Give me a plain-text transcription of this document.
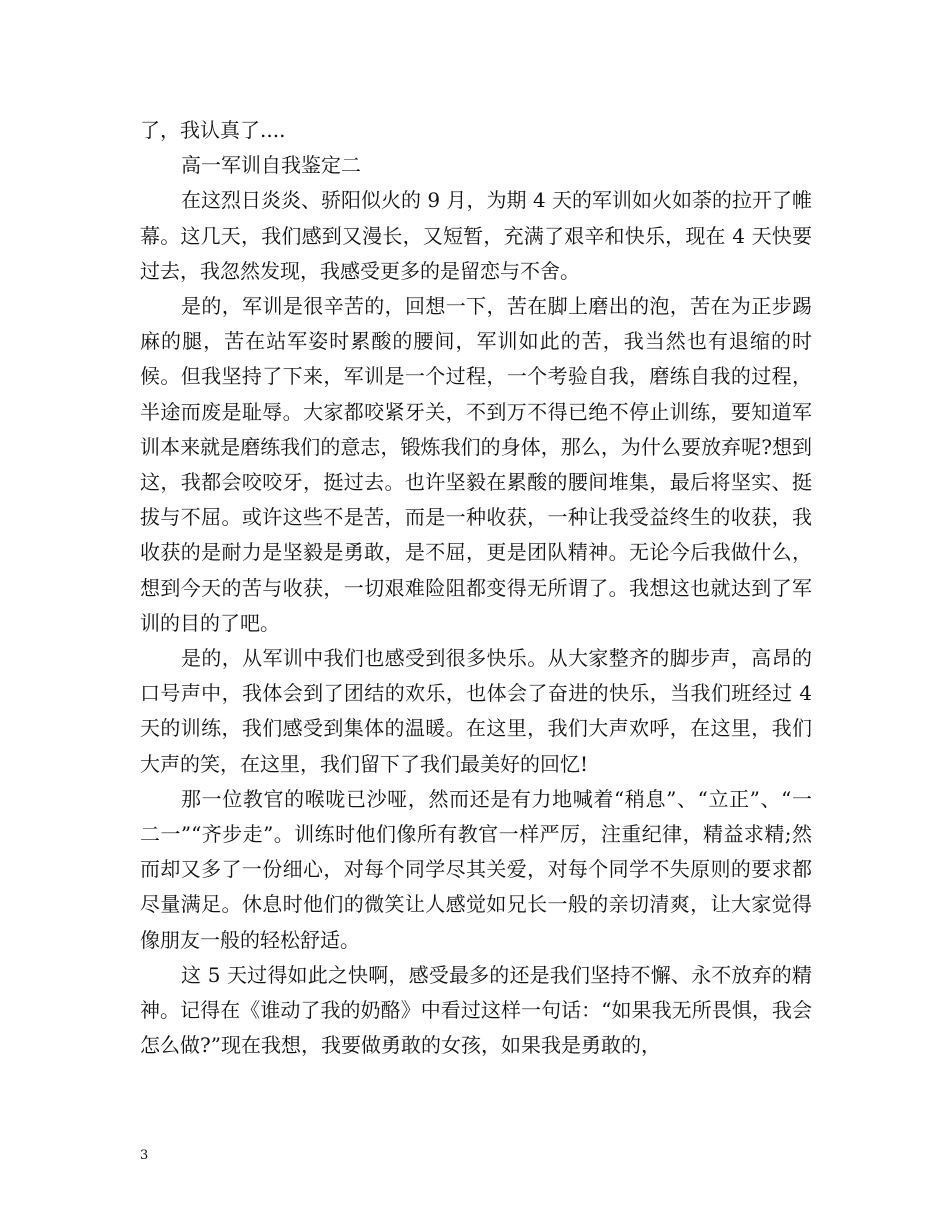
了，我认真了....

高一军训自我鉴定二

在这烈日炎炎、骄阳似火的 9 月，为期 4 天的军训如火如荼的拉开了帷幕。这几天，我们感到又漫长，又短暂，充满了艰辛和快乐，现在 4 天快要过去，我忽然发现，我感受更多的是留恋与不舍。

是的，军训是很辛苦的，回想一下，苦在脚上磨出的泡，苦在为正步踢麻的腿，苦在站军姿时累酸的腰间，军训如此的苦，我当然也有退缩的时候。但我坚持了下来，军训是一个过程，一个考验自我，磨练自我的过程，半途而废是耻辱。大家都咬紧牙关，不到万不得已绝不停止训练，要知道军训本来就是磨练我们的意志，锻炼我们的身体，那么，为什么要放弃呢?想到这，我都会咬咬牙，挺过去。也许坚毅在累酸的腰间堆集，最后将坚实、挺拔与不屈。或许这些不是苦，而是一种收获，一种让我受益终生的收获，我收获的是耐力是坚毅是勇敢，是不屈，更是团队精神。无论今后我做什么，想到今天的苦与收获，一切艰难险阻都变得无所谓了。我想这也就达到了军训的目的了吧。

是的，从军训中我们也感受到很多快乐。从大家整齐的脚步声，高昂的口号声中，我体会到了团结的欢乐，也体会了奋进的快乐，当我们班经过 4 天的训练，我们感受到集体的温暖。在这里，我们大声欢呼，在这里，我们大声的笑，在这里，我们留下了我们最美好的回忆!

那一位教官的喉咙已沙哑，然而还是有力地喊着“稍息”、“立正”、“一二一”“齐步走”。训练时他们像所有教官一样严厉，注重纪律，精益求精;然而却又多了一份细心，对每个同学尽其关爱，对每个同学不失原则的要求都尽量满足。休息时他们的微笑让人感觉如兄长一般的亲切清爽，让大家觉得像朋友一般的轻松舒适。

这 5 天过得如此之快啊，感受最多的还是我们坚持不懈、永不放弃的精神。记得在《谁动了我的奶酪》中看过这样一句话：“如果我无所畏惧，我会怎么做?”现在我想，我要做勇敢的女孩，如果我是勇敢的，

3
